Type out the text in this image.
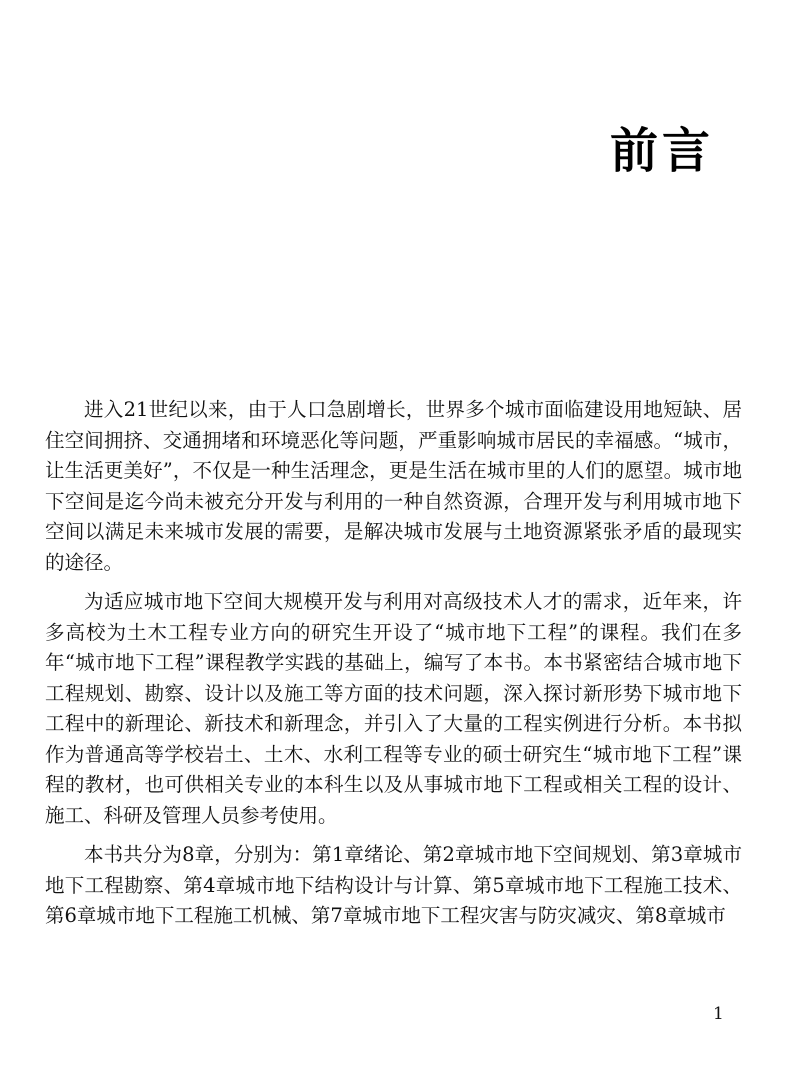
前言

进入21世纪以来，由于人口急剧增长，世界多个城市面临建设用地短缺、居住空间拥挤、交通拥堵和环境恶化等问题，严重影响城市居民的幸福感。“城市，让生活更美好”，不仅是一种生活理念，更是生活在城市里的人们的愿望。城市地下空间是迄今尚未被充分开发与利用的一种自然资源，合理开发与利用城市地下空间以满足未来城市发展的需要，是解决城市发展与土地资源紧张矛盾的最现实的途径。

为适应城市地下空间大规模开发与利用对高级技术人才的需求，近年来，许多高校为土木工程专业方向的研究生开设了“城市地下工程”的课程。我们在多年“城市地下工程”课程教学实践的基础上，编写了本书。本书紧密结合城市地下工程规划、勘察、设计以及施工等方面的技术问题，深入探讨新形势下城市地下工程中的新理论、新技术和新理念，并引入了大量的工程实例进行分析。本书拟作为普通高等学校岩土、土木、水利工程等专业的硕士研究生“城市地下工程”课程的教材，也可供相关专业的本科生以及从事城市地下工程或相关工程的设计、施工、科研及管理人员参考使用。

本书共分为8章，分别为：第1章绪论、第2章城市地下空间规划、第3章城市地下工程勘察、第4章城市地下结构设计与计算、第5章城市地下工程施工技术、第6章城市地下工程施工机械、第7章城市地下工程灾害与防灾减灾、第8章城市

1
